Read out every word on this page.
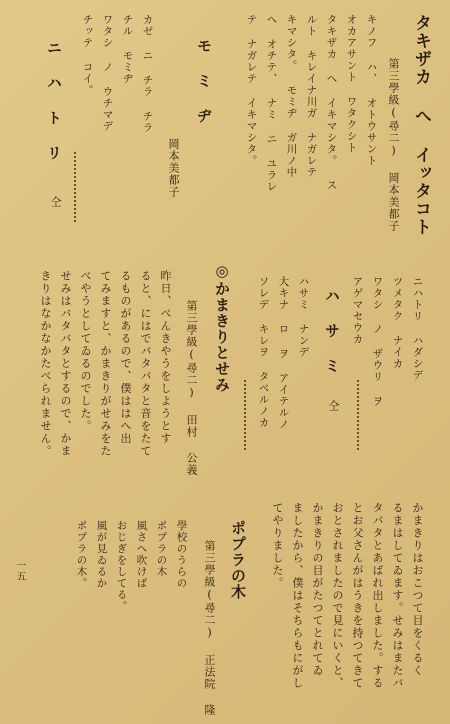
タキザカ へ イッタコト
第三學級(尋二) 岡本美都子
キノフ ハ、 オトウサント
オカアサント ワタクシト
タキザカ へ イキマシタ。 ス
ルト キレイナ川ガ ナガレテ
キマシタ。 モミヂ ガ川ノ中
へ オチテ、 ナミ ニ ユラレ
テ ナガレテ イキマシタ。
モ ミ ヂ
岡本美都子
カゼ ニ チラ チラ
チル モミヂ
ワタシ ノ ウチマデ
チッテ コイ。
ニ ハ ト リ
仝
ニハトリ ハダシデ
ツメタク ナイカ
ワタシ ノ ザウリ ヲ
アゲマセウカ
ハ サ ミ
仝
ハサミ ナンデ
大キナ ロ ヲ アイテルノ
ソレデ キレヲ タベルノカ
◎かまきりとせみ
第三學級(尋二) 田村 公義
昨日、べんきやうをしようとす
ると、にはでバタバタと音をたて
るものがあるので、僕ははへ出
てみますと、かまきりがせみをた
べやうとしてゐるのでした。
せみはバタバタとするので、かま
きりはなかなかたべられません。
かまきりはおこつて目をくるく
るまはしてゐます。せみはまたバ
タバタとあばれ出しました。する
とお父さんがはうきを持つてきて
おとされましたので見にいくと、
かまきりの目がたつてとれてゐ
ましたから、僕はそちらもにがし
てやりました。
ポプラの木
第三學級(尋二) 正法院 隆
學校のうらの
ポプラの木
風さへ吹けば
おじぎをしてる。
風が見ゐるか
ポプラの木。
一五
